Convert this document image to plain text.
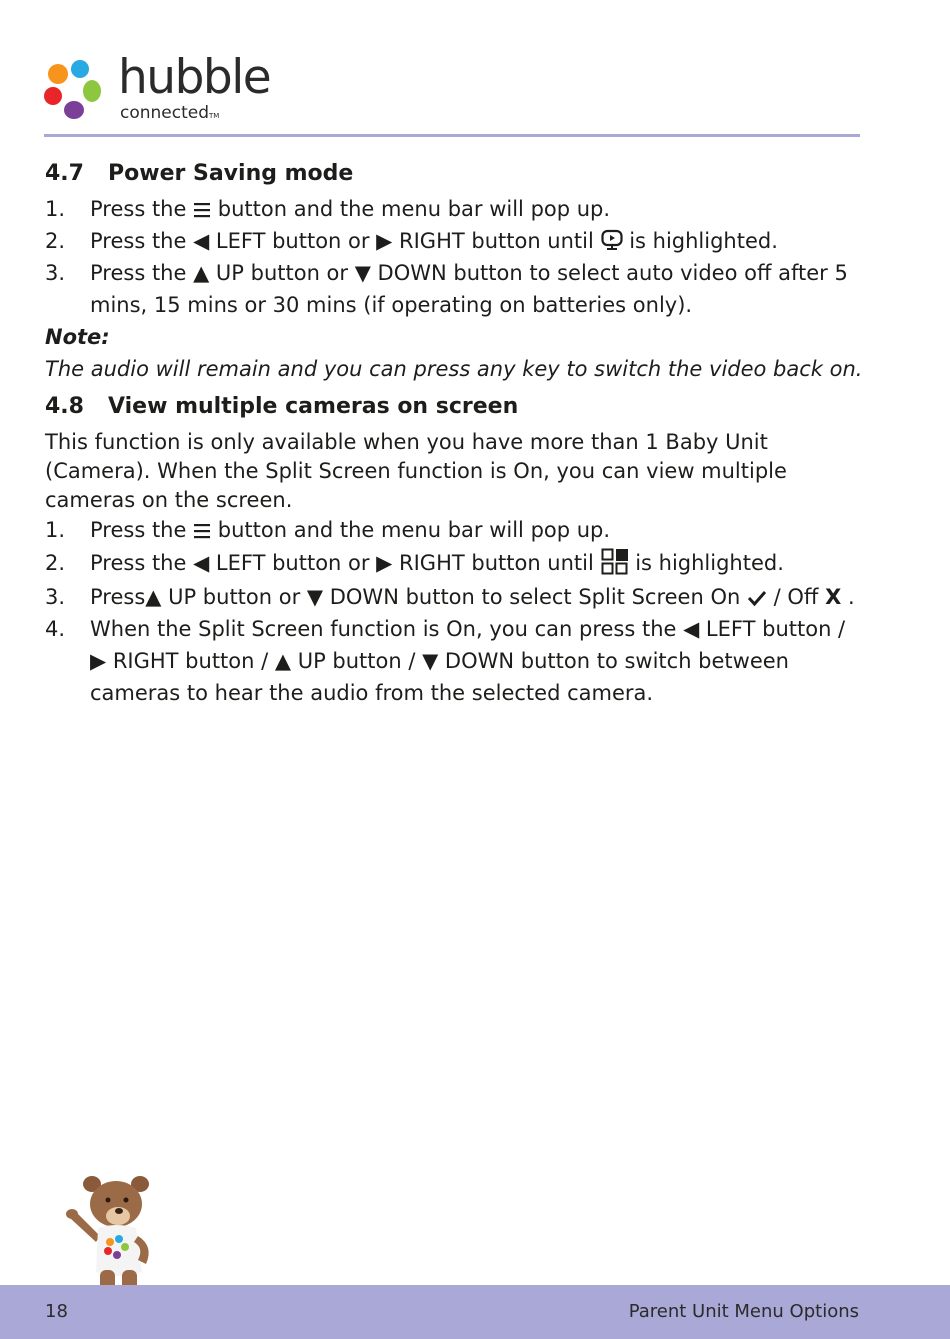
hubble
connectedTM
4.7 Power Saving mode
1. Press the  button and the menu bar will pop up.
2. Press the ◀ LEFT button or ▶ RIGHT button until  is highlighted.
3. Press the ▲ UP button or ▼ DOWN button to select auto video off after 5 mins, 15 mins or 30 mins (if operating on batteries only).
Note:
The audio will remain and you can press any key to switch the video back on.
4.8 View multiple cameras on screen

This function is only available when you have more than 1 Baby Unit (Camera). When the Split Screen function is On, you can view multiple cameras on the screen.

1. Press the  button and the menu bar will pop up.
2. Press the ◀ LEFT button or ▶ RIGHT button until  is highlighted.
3. Press▲ UP button or ▼ DOWN button to select Split Screen On  / Off X .
4. When the Split Screen function is On, you can press the ◀ LEFT button / ▶ RIGHT button / ▲ UP button / ▼ DOWN button to switch between cameras to hear the audio from the selected camera.
18	Parent Unit Menu Options
